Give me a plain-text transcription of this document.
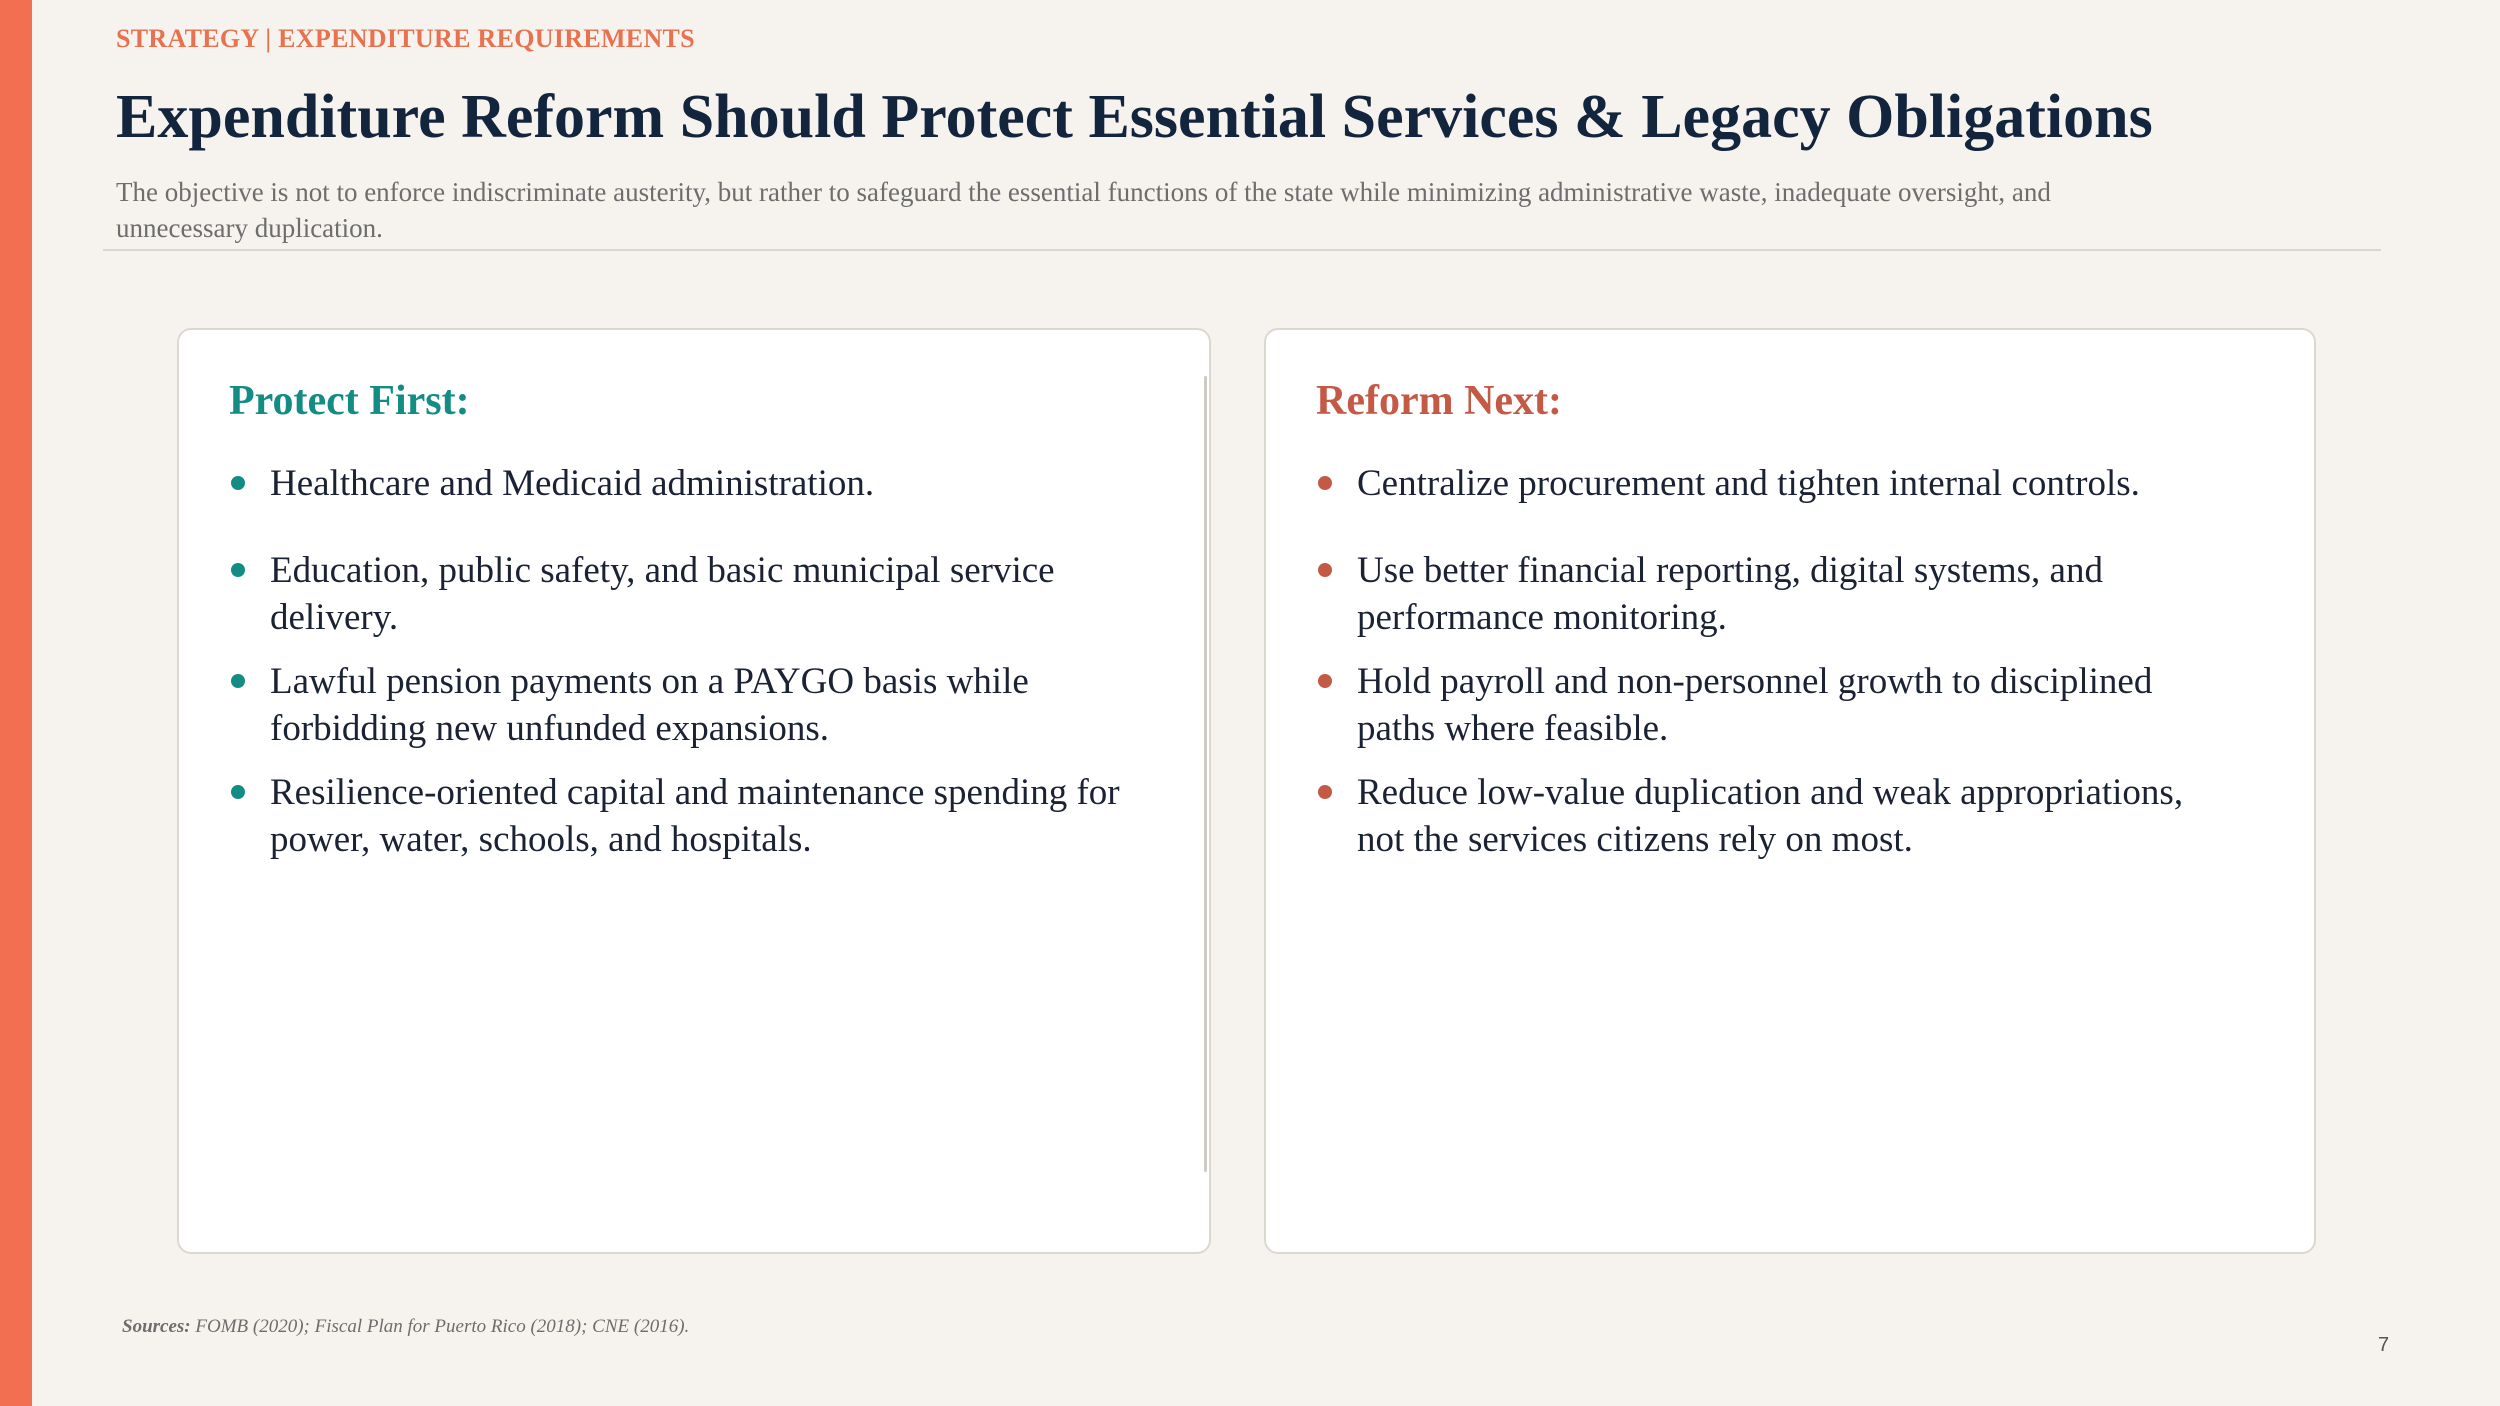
STRATEGY | EXPENDITURE REQUIREMENTS
Expenditure Reform Should Protect Essential Services & Legacy Obligations

The objective is not to enforce indiscriminate austerity, but rather to safeguard the essential functions of the state while minimizing administrative waste, inadequate oversight, and unnecessary duplication.

Protect First:
Healthcare and Medicaid administration.
Education, public safety, and basic municipal service delivery.
Lawful pension payments on a PAYGO basis while forbidding new unfunded expansions.
Resilience-oriented capital and maintenance spending for power, water, schools, and hospitals.
Reform Next:
Centralize procurement and tighten internal controls.
Use better financial reporting, digital systems, and performance monitoring.
Hold payroll and non-personnel growth to disciplined paths where feasible.
Reduce low-value duplication and weak appropriations, not the services citizens rely on most.
Sources: FOMB (2020); Fiscal Plan for Puerto Rico (2018); CNE (2016).
7
